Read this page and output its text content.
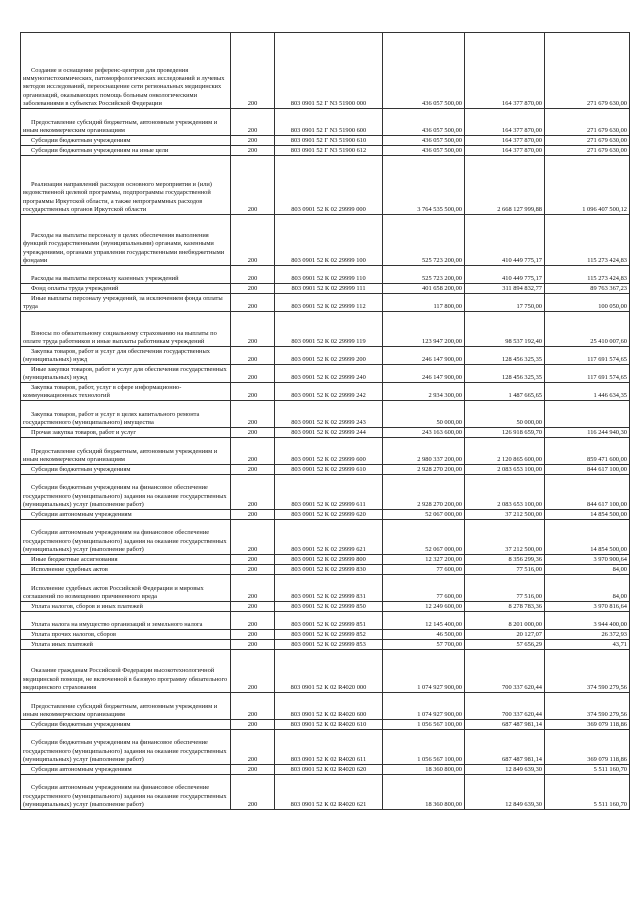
Создание и оснащение референс-центров для проведения иммуногистохимических, патоморфологических исследований и лучевых методов исследований, переоснащение сети региональных медицинских организаций, оказывающих помощь больным онкологическими заболеваниями в субъектах Российской Федерации	200	803 0901 52 Г N3 51900 000	436 057 500,00	164 377 870,00	271 679 630,00
Предоставление субсидий бюджетным, автономным учреждениям и иным некоммерческим организациям	200	803 0901 52 Г N3 51900 600	436 057 500,00	164 377 870,00	271 679 630,00
Субсидии бюджетным учреждениям	200	803 0901 52 Г N3 51900 610	436 057 500,00	164 377 870,00	271 679 630,00
Субсидии бюджетным учреждениям на иные цели	200	803 0901 52 Г N3 51900 612	436 057 500,00	164 377 870,00	271 679 630,00
Реализация направлений расходов основного мероприятия и (или) ведомственной целевой программы, подпрограммы государственной программы Иркутской области, а также непрограммных расходов государственных органов Иркутской области	200	803 0901 52 К 02 29999 000	3 764 535 500,00	2 668 127 999,88	1 096 407 500,12
Расходы на выплаты персоналу в целях обеспечения выполнения функций государственными (муниципальными) органами, казенными учреждениями, органами управления государственными внебюджетными фондами	200	803 0901 52 К 02 29999 100	525 723 200,00	410 449 775,17	115 273 424,83
Расходы на выплаты персоналу казенных учреждений	200	803 0901 52 К 02 29999 110	525 723 200,00	410 449 775,17	115 273 424,83
Фонд оплаты труда учреждений	200	803 0901 52 К 02 29999 111	401 658 200,00	311 894 832,77	89 763 367,23
Иные выплаты персоналу учреждений, за исключением фонда оплаты труда	200	803 0901 52 К 02 29999 112	117 800,00	17 750,00	100 050,00
Взносы по обязательному социальному страхованию на выплаты по оплате труда работников и иные выплаты работникам учреждений	200	803 0901 52 К 02 29999 119	123 947 200,00	98 537 192,40	25 410 007,60
Закупка товаров, работ и услуг для обеспечения государственных (муниципальных) нужд	200	803 0901 52 К 02 29999 200	246 147 900,00	128 456 325,35	117 691 574,65
Иные закупки товаров, работ и услуг для обеспечения государственных (муниципальных) нужд	200	803 0901 52 К 02 29999 240	246 147 900,00	128 456 325,35	117 691 574,65
Закупка товаров, работ, услуг в сфере информационно-коммуникационных технологий	200	803 0901 52 К 02 29999 242	2 934 300,00	1 487 665,65	1 446 634,35
Закупка товаров, работ и услуг в целях капитального ремонта государственного (муниципального) имущества	200	803 0901 52 К 02 29999 243	50 000,00	50 000,00	
Прочая закупка товаров, работ и услуг	200	803 0901 52 К 02 29999 244	243 163 600,00	126 918 659,70	116 244 940,30
Предоставление субсидий бюджетным, автономным учреждениям и иным некоммерческим организациям	200	803 0901 52 К 02 29999 600	2 980 337 200,00	2 120 865 600,00	859 471 600,00
Субсидии бюджетным учреждениям	200	803 0901 52 К 02 29999 610	2 928 270 200,00	2 083 653 100,00	844 617 100,00
Субсидии бюджетным учреждениям на финансовое обеспечение государственного (муниципального) задания на оказание государственных (муниципальных) услуг (выполнение работ)	200	803 0901 52 К 02 29999 611	2 928 270 200,00	2 083 653 100,00	844 617 100,00
Субсидии автономным учреждениям	200	803 0901 52 К 02 29999 620	52 067 000,00	37 212 500,00	14 854 500,00
Субсидии автономным учреждениям на финансовое обеспечение государственного (муниципального) задания на оказание государственных (муниципальных) услуг (выполнение работ)	200	803 0901 52 К 02 29999 621	52 067 000,00	37 212 500,00	14 854 500,00
Иные бюджетные ассигнования	200	803 0901 52 К 02 29999 800	12 327 200,00	8 356 299,36	3 970 900,64
Исполнение судебных актов	200	803 0901 52 К 02 29999 830	77 600,00	77 516,00	84,00
Исполнение судебных актов Российской Федерации и мировых соглашений по возмещению причиненного вреда	200	803 0901 52 К 02 29999 831	77 600,00	77 516,00	84,00
Уплата налогов, сборов и иных платежей	200	803 0901 52 К 02 29999 850	12 249 600,00	8 278 783,36	3 970 816,64
Уплата налога на имущество организаций и земельного налога	200	803 0901 52 К 02 29999 851	12 145 400,00	8 201 000,00	3 944 400,00
Уплата прочих налогов, сборов	200	803 0901 52 К 02 29999 852	46 500,00	20 127,07	26 372,93
Уплата иных платежей	200	803 0901 52 К 02 29999 853	57 700,00	57 656,29	43,71
Оказание гражданам Российской Федерации высокотехнологичной медицинской помощи, не включенной в базовую программу обязательного медицинского страхования	200	803 0901 52 К 02 R4020 000	1 074 927 900,00	700 337 620,44	374 590 279,56
Предоставление субсидий бюджетным, автономным учреждениям и иным некоммерческим организациям	200	803 0901 52 К 02 R4020 600	1 074 927 900,00	700 337 620,44	374 590 279,56
Субсидии бюджетным учреждениям	200	803 0901 52 К 02 R4020 610	1 056 567 100,00	687 487 981,14	369 079 118,86
Субсидии бюджетным учреждениям на финансовое обеспечение государственного (муниципального) задания на оказание государственных (муниципальных) услуг (выполнение работ)	200	803 0901 52 К 02 R4020 611	1 056 567 100,00	687 487 981,14	369 079 118,86
Субсидии автономным учреждениям	200	803 0901 52 К 02 R4020 620	18 360 800,00	12 849 639,30	5 511 160,70
Субсидии автономным учреждениям на финансовое обеспечение государственного (муниципального) задания на оказание государственных (муниципальных) услуг (выполнение работ)	200	803 0901 52 К 02 R4020 621	18 360 800,00	12 849 639,30	5 511 160,70
